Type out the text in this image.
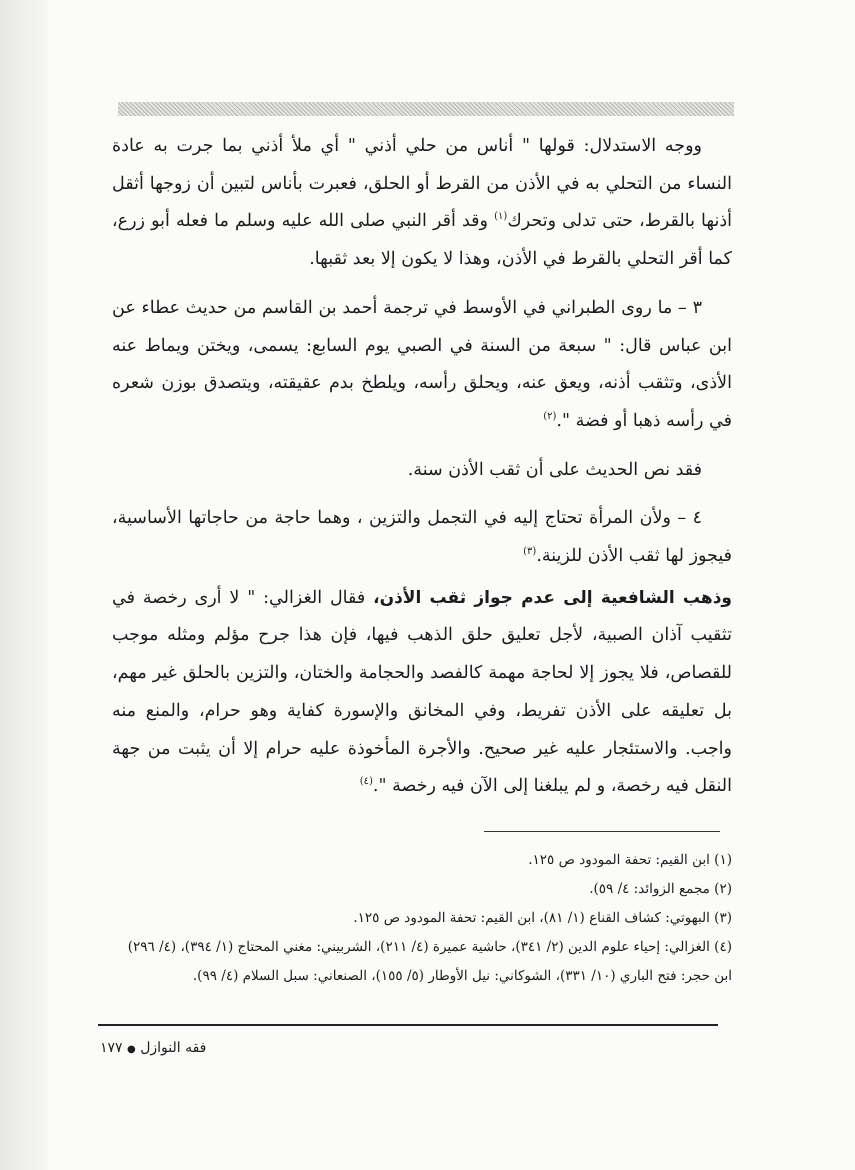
ووجه الاستدلال: قولها " أناس من حلي أذني " أي ملأ أذني بما جرت به عادة النساء من التحلي به في الأذن من القرط أو الحلق، فعبرت بأناس لتبين أن زوجها أثقل أذنها بالقرط، حتى تدلى وتحرك$^{(١)}$ وقد أقر النبي صلى الله عليه وسلم ما فعله أبو زرع، كما أقر التحلي بالقرط في الأذن، وهذا لا يكون إلا بعد ثقبها.

٣ – ما روى الطبراني في الأوسط في ترجمة أحمد بن القاسم من حديث عطاء عن ابن عباس قال: " سبعة من السنة في الصبي يوم السابع: يسمى، ويختن ويماط عنه الأذى، وتثقب أذنه، ويعق عنه، ويحلق رأسه، ويلطخ بدم عقيقته، ويتصدق بوزن شعره في رأسه ذهبا أو فضة ".$^{(٢)}$

فقد نص الحديث على أن ثقب الأذن سنة.

٤ – ولأن المرأة تحتاج إليه في التجمل والتزين ، وهما حاجة من حاجاتها الأساسية، فيجوز لها ثقب الأذن للزينة.$^{(٣)}$

وذهب الشافعية إلى عدم جواز ثقب الأذن، فقال الغزالي: " لا أرى رخصة في تثقيب آذان الصبية، لأجل تعليق حلق الذهب فيها، فإن هذا جرح مؤلم ومثله موجب للقصاص، فلا يجوز إلا لحاجة مهمة كالفصد والحجامة والختان، والتزين بالحلق غير مهم، بل تعليقه على الأذن تفريط، وفي المخانق والإسورة كفاية وهو حرام، والمنع منه واجب. والاستئجار عليه غير صحيح. والأجرة المأخوذة عليه حرام إلا أن يثبت من جهة النقل فيه رخصة، و لم يبلغنا إلى الآن فيه رخصة ".$^{(٤)}$

(١) ابن القيم: تحفة المودود ص ١٢٥.
(٢) مجمع الزوائد: ٤/ ٥٩).
(٣) البهوتي: كشاف القناع (١/ ٨١)، ابن القيم: تحفة المودود ص ١٢٥.
(٤) الغزالي: إحياء علوم الدين (٢/ ٣٤١)، حاشية عميرة (٤/ ٢١١)، الشربيني: مغني المحتاج (١/ ٣٩٤)، (٤/ ٢٩٦) ابن حجر: فتح الباري (١٠/ ٣٣١)، الشوكاني: نيل الأوطار (٥/ ١٥٥)، الصنعاني: سبل السلام (٤/ ٩٩).
فقه النوازل ● ١٧٧
